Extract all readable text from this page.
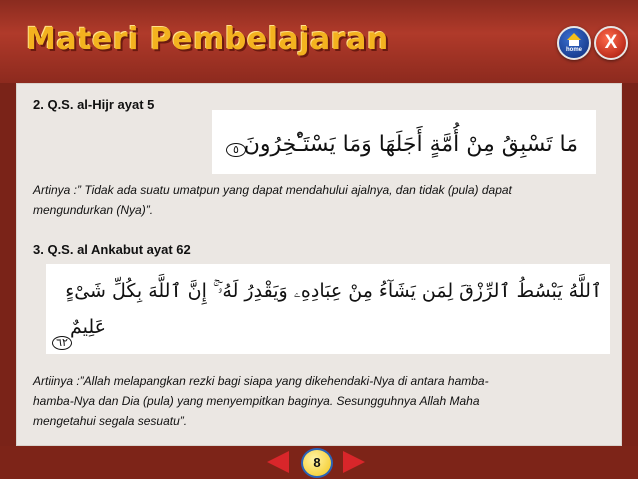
Materi Pembelajaran	home	X
2. Q.S. al-Hijr ayat 5
مَا تَسْبِقُ مِنْ أُمَّةٍ أَجَلَهَا وَمَا يَسْتَـْٔخِرُونَ
٥
Artinya :” Tidak ada suatu umatpun yang dapat mendahului ajalnya, dan tidak (pula) dapat mengundurkan (Nya)”.
3. Q.S. al Ankabut ayat 62
ٱللَّهُ يَبْسُطُ ٱلرِّزْقَ لِمَن يَشَآءُ مِنْ عِبَادِهِۦ وَيَقْدِرُ لَهُۥٓ ۚ إِنَّ ٱللَّهَ بِكُلِّ شَىْءٍ
عَلِيمٌ
٦٢
Artiinya :”Allah melapangkan rezki bagi siapa yang dikehendaki-Nya di antara hamba-
hamba-Nya dan Dia (pula) yang menyempitkan baginya. Sesungguhnya Allah Maha
mengetahui segala sesuatu”.
8
